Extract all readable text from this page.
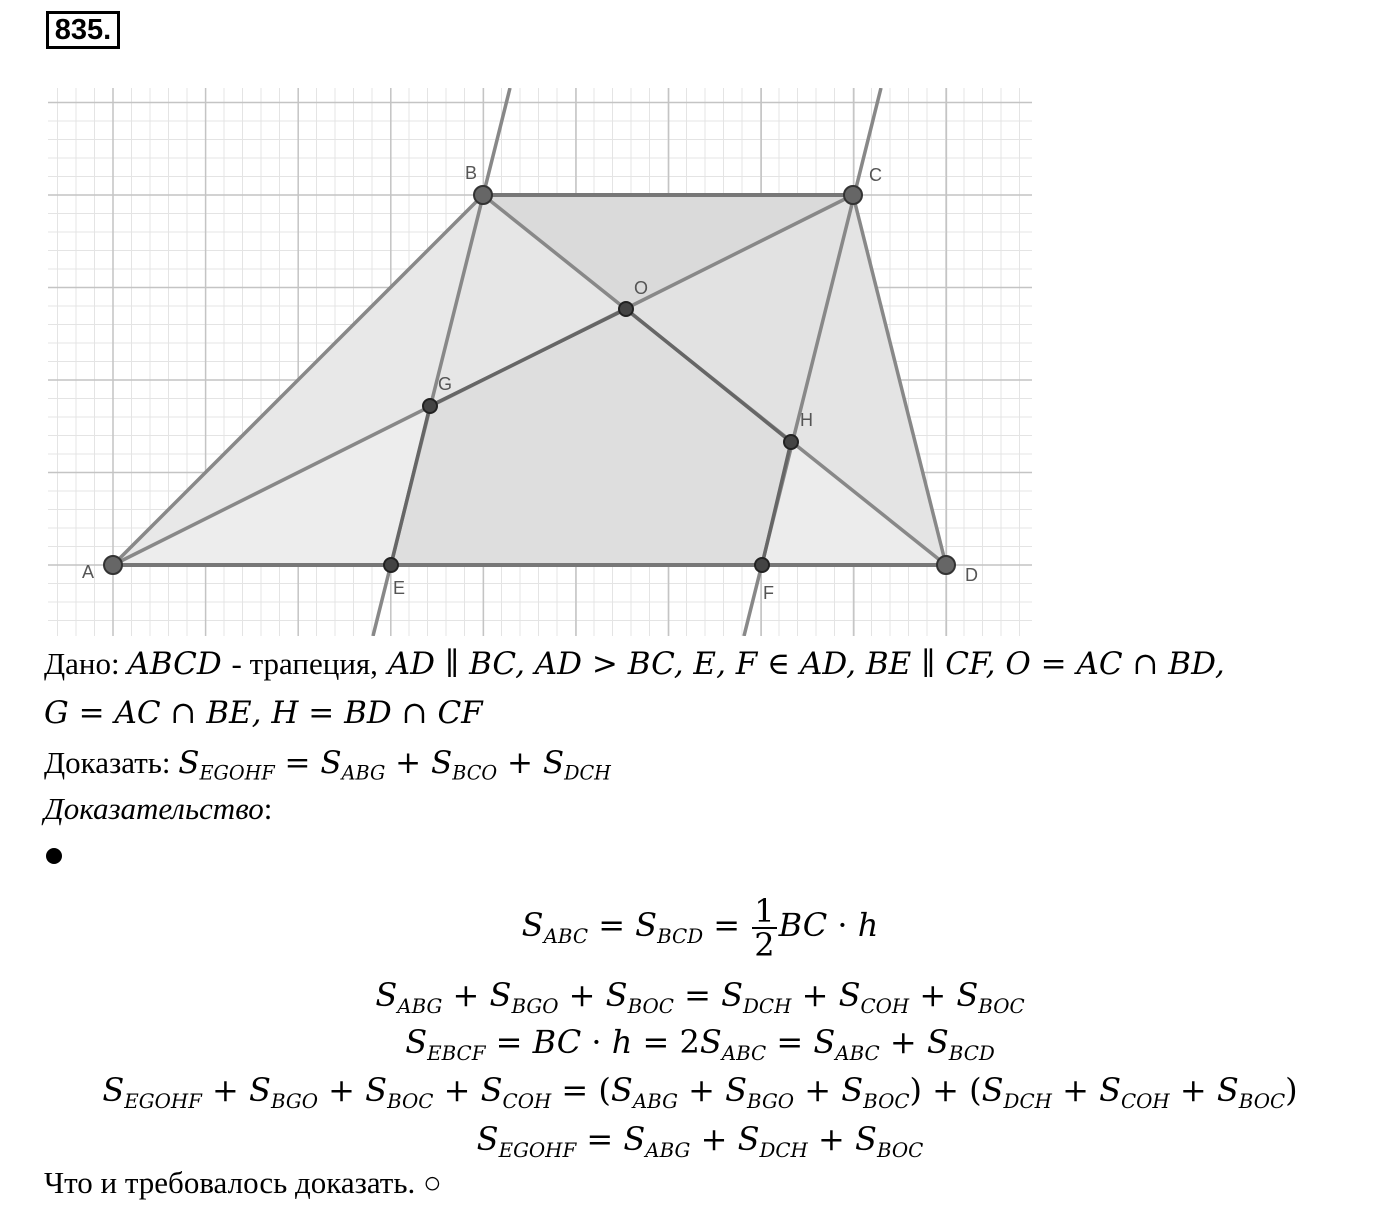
835.
A
B	C
D
E	F
G
H
O
Дано: ABCD - трапеция, AD ∥ BC, AD > BC, E, F ∈ AD, BE ∥ CF, O = AC ∩ BD,
G = AC ∩ BE, H = BD ∩ CF
Доказать: $S_{EGOHF} = S_{ABG} + S_{BCO} + S_{DCH}$
Доказательство:
$S_{ABC} = S_{BCD} = \frac{1}{2}$ BC · h
$S_{ABG} + S_{BGO} + S_{BOC} = S_{DCH} + S_{COH} + S_{BOC}$
$S_{EBCF}$ = BC · $h = 2S_{ABC} = S_{ABC} + S_{BCD}$
$S_{EGOHF} + S_{BGO} + S_{BOC} + S_{COH} = (S_{ABG} + S_{BGO} + S_{BOC}) + (S_{DCH} + S_{COH} + S_{BOC})$
$S_{EGOHF} = S_{ABG} + S_{DCH} + S_{BOC}$
Что и требовалось доказать. ○
